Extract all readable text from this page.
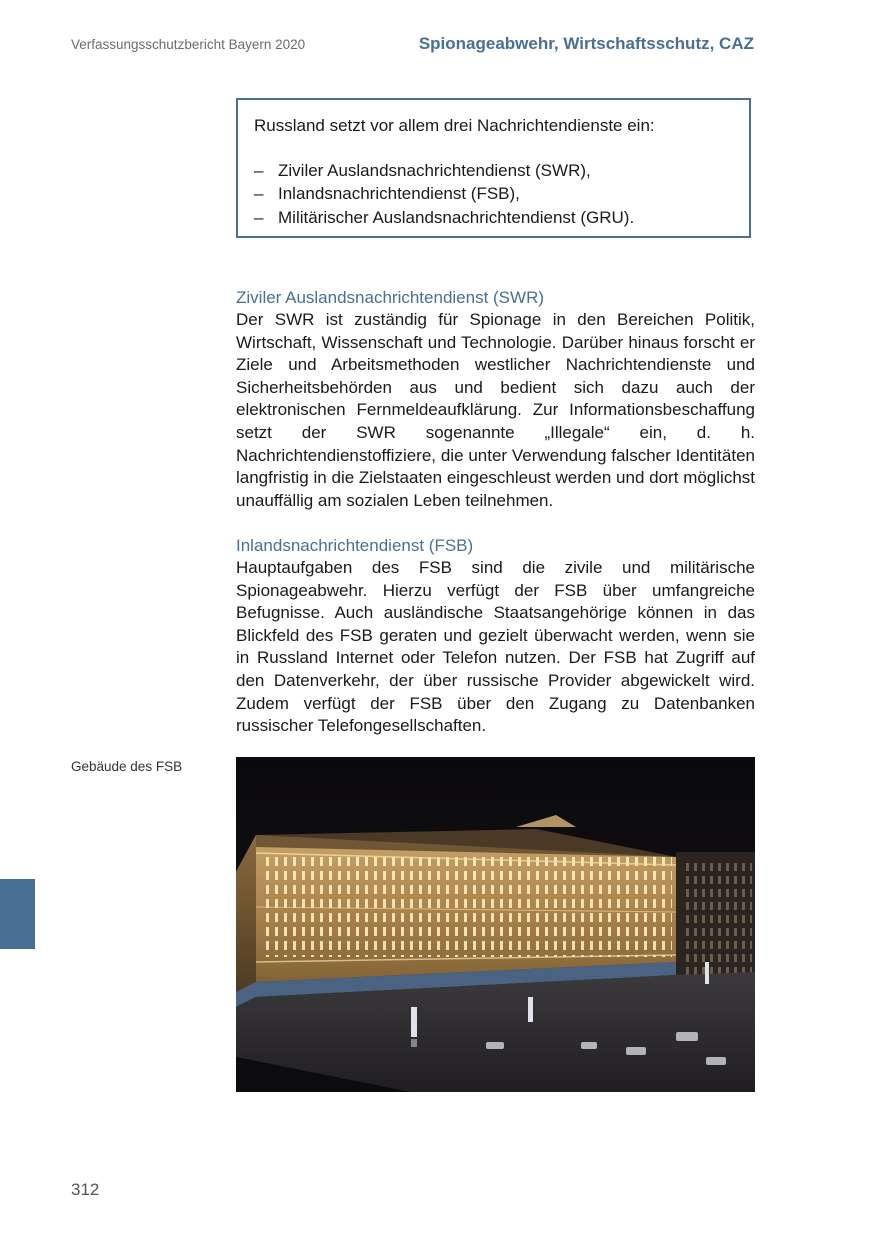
Verfassungsschutzbericht Bayern 2020	Spionageabwehr, Wirtschaftsschutz, CAZ

Russland setzt vor allem drei Nachrichtendienste ein:

– Ziviler Auslandsnachrichtendienst (SWR),
– Inlandsnachrichtendienst (FSB),
– Militärischer Auslandsnachrichtendienst (GRU).
Ziviler Auslandsnachrichtendienst (SWR)

Der SWR ist zuständig für Spionage in den Bereichen Politik, Wirtschaft, Wissenschaft und Technologie. Darüber hinaus forscht er Ziele und Arbeitsmethoden westlicher Nachrichtendienste und Sicherheitsbehörden aus und bedient sich dazu auch der elektronischen Fernmeldeaufklärung. Zur Informationsbeschaffung setzt der SWR sogenannte „Illegale“ ein, d. h. Nachrichtendienstoffiziere, die unter Verwendung falscher Identitäten langfristig in die Zielstaaten eingeschleust werden und dort möglichst unauffällig am sozialen Leben teilnehmen.

Inlandsnachrichtendienst (FSB)

Hauptaufgaben des FSB sind die zivile und militärische Spionageabwehr. Hierzu verfügt der FSB über umfangreiche Befugnisse. Auch ausländische Staatsangehörige können in das Blickfeld des FSB geraten und gezielt überwacht werden, wenn sie in Russland Internet oder Telefon nutzen. Der FSB hat Zugriff auf den Datenverkehr, der über russische Provider abgewickelt wird. Zudem verfügt der FSB über den Zugang zu Datenbanken russischer Telefongesellschaften.

Gebäude des FSB
312
